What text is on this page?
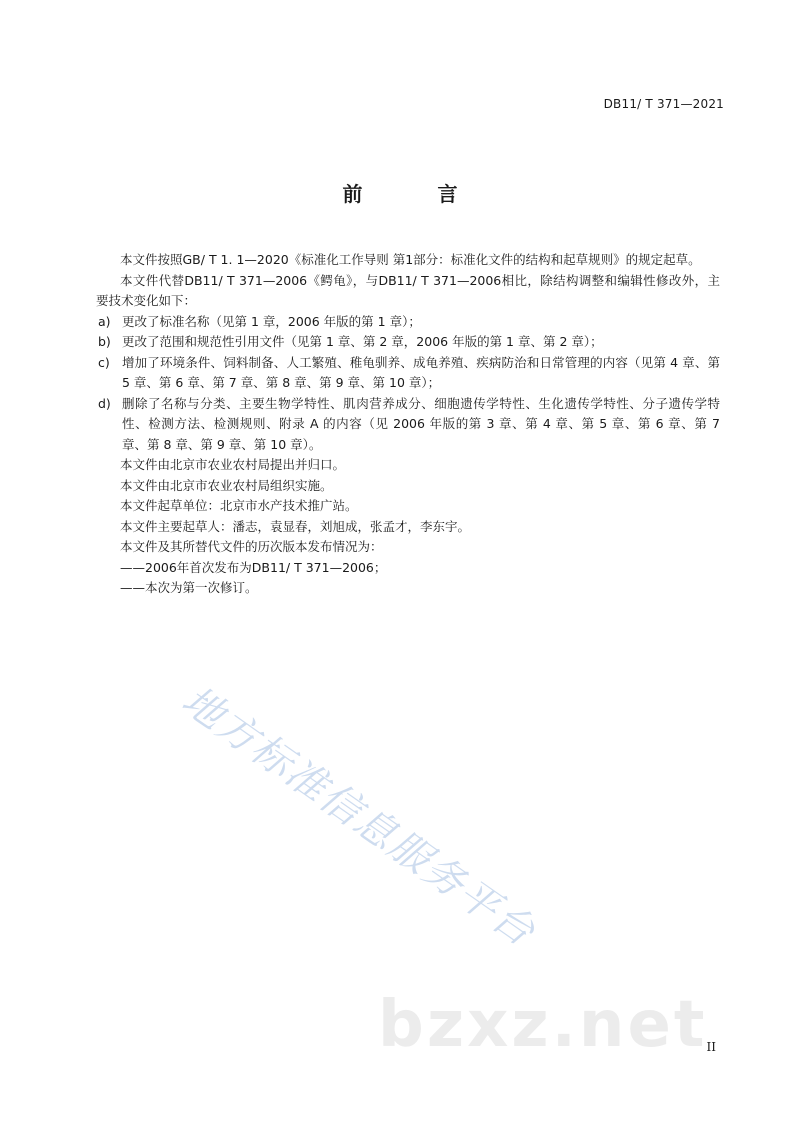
DB11/ T 371—2021
前 言
本文件按照GB/ T 1. 1—2020《标准化工作导则 第1部分：标准化文件的结构和起草规则》的规定起草。
本文件代替DB11/ T 371—2006《鳄龟》，与DB11/ T 371—2006相比，除结构调整和编辑性修改外，主要技术变化如下：
a) 更改了标准名称（见第 1 章，2006 年版的第 1 章）；
b) 更改了范围和规范性引用文件（见第 1 章、第 2 章，2006 年版的第 1 章、第 2 章）；
c) 增加了环境条件、饲料制备、人工繁殖、稚龟驯养、成龟养殖、疾病防治和日常管理的内容（见第 4 章、第 5 章、第 6 章、第 7 章、第 8 章、第 9 章、第 10 章）；
d) 删除了名称与分类、主要生物学特性、肌肉营养成分、细胞遗传学特性、生化遗传学特性、分子遗传学特性、检测方法、检测规则、附录 A 的内容（见 2006 年版的第 3 章、第 4 章、第 5 章、第 6 章、第 7 章、第 8 章、第 9 章、第 10 章）。
本文件由北京市农业农村局提出并归口。
本文件由北京市农业农村局组织实施。
本文件起草单位：北京市水产技术推广站。
本文件主要起草人：潘志，袁显春，刘旭成，张孟才，李东宇。
本文件及其所替代文件的历次版本发布情况为：
——2006年首次发布为DB11/ T 371—2006；
——本次为第一次修订。
地方标准信息服务平台
bzxz.net II
